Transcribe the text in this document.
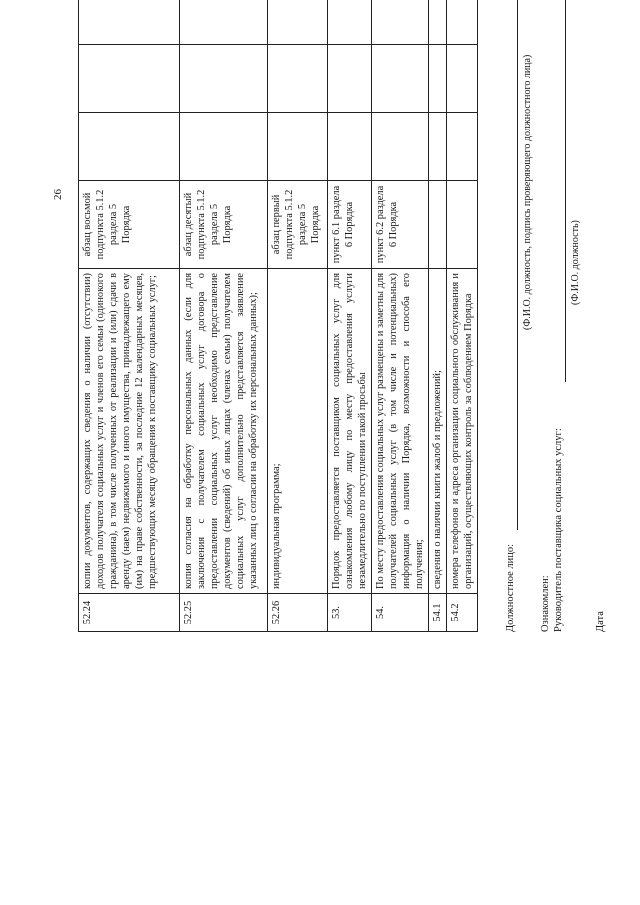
26
52.24	копии документов, содержащих сведения о наличии (отсутствии) доходов получателя социальных услуг и членов его семьи (одинокого гражданина), в том числе полученных от реализации и (или) сдачи в аренду (наем) недвижимого и иного имущества, принадлежащего ему (им) на праве собственности, за последние 12 календарных месяцев, предшествующих месяцу обращения к поставщику социальных услуг;	абзац восьмой подпункта 5.1.2 раздела 5 Порядка					
52.25	копия согласия на обработку персональных данных (если для заключения с получателем социальных услуг договора о предоставлении социальных услуг необходимо представление документов (сведений) об иных лицах (членах семьи) получателем социальных услуг дополнительно представляется заявление указанных лиц о согласии на обработку их персональных данных);	абзац десятый подпункта 5.1.2 раздела 5 Порядка					
52.26	индивидуальная программа;	абзац первый подпункта 5.1.2 раздела 5 Порядка					
53.	Порядок предоставляется поставщиком социальных услуг для ознакомления любому лицу по месту предоставления услуги незамедлительно по поступлении такой просьбы	пункт 6.1 раздела 6 Порядка					
54.	По месту предоставления социальных услуг размещены и заметны для получателей социальных услуг (в том числе и потенциальных) информация о наличии Порядка, возможности и способа его получения;	пункт 6.2 раздела 6 Порядка					
54.1	сведения о наличии книги жалоб и предложений;						
54.2	номера телефонов и адреса организации социального обслуживания и организаций, осуществляющих контроль за соблюдением Порядка							Должностное лицо:
(Ф.И.О. должность, подпись проверяющего должностного лица)
Ознакомлен: Руководитель поставщика социальных услуг:
(Ф.И.О. должность)
Дата
